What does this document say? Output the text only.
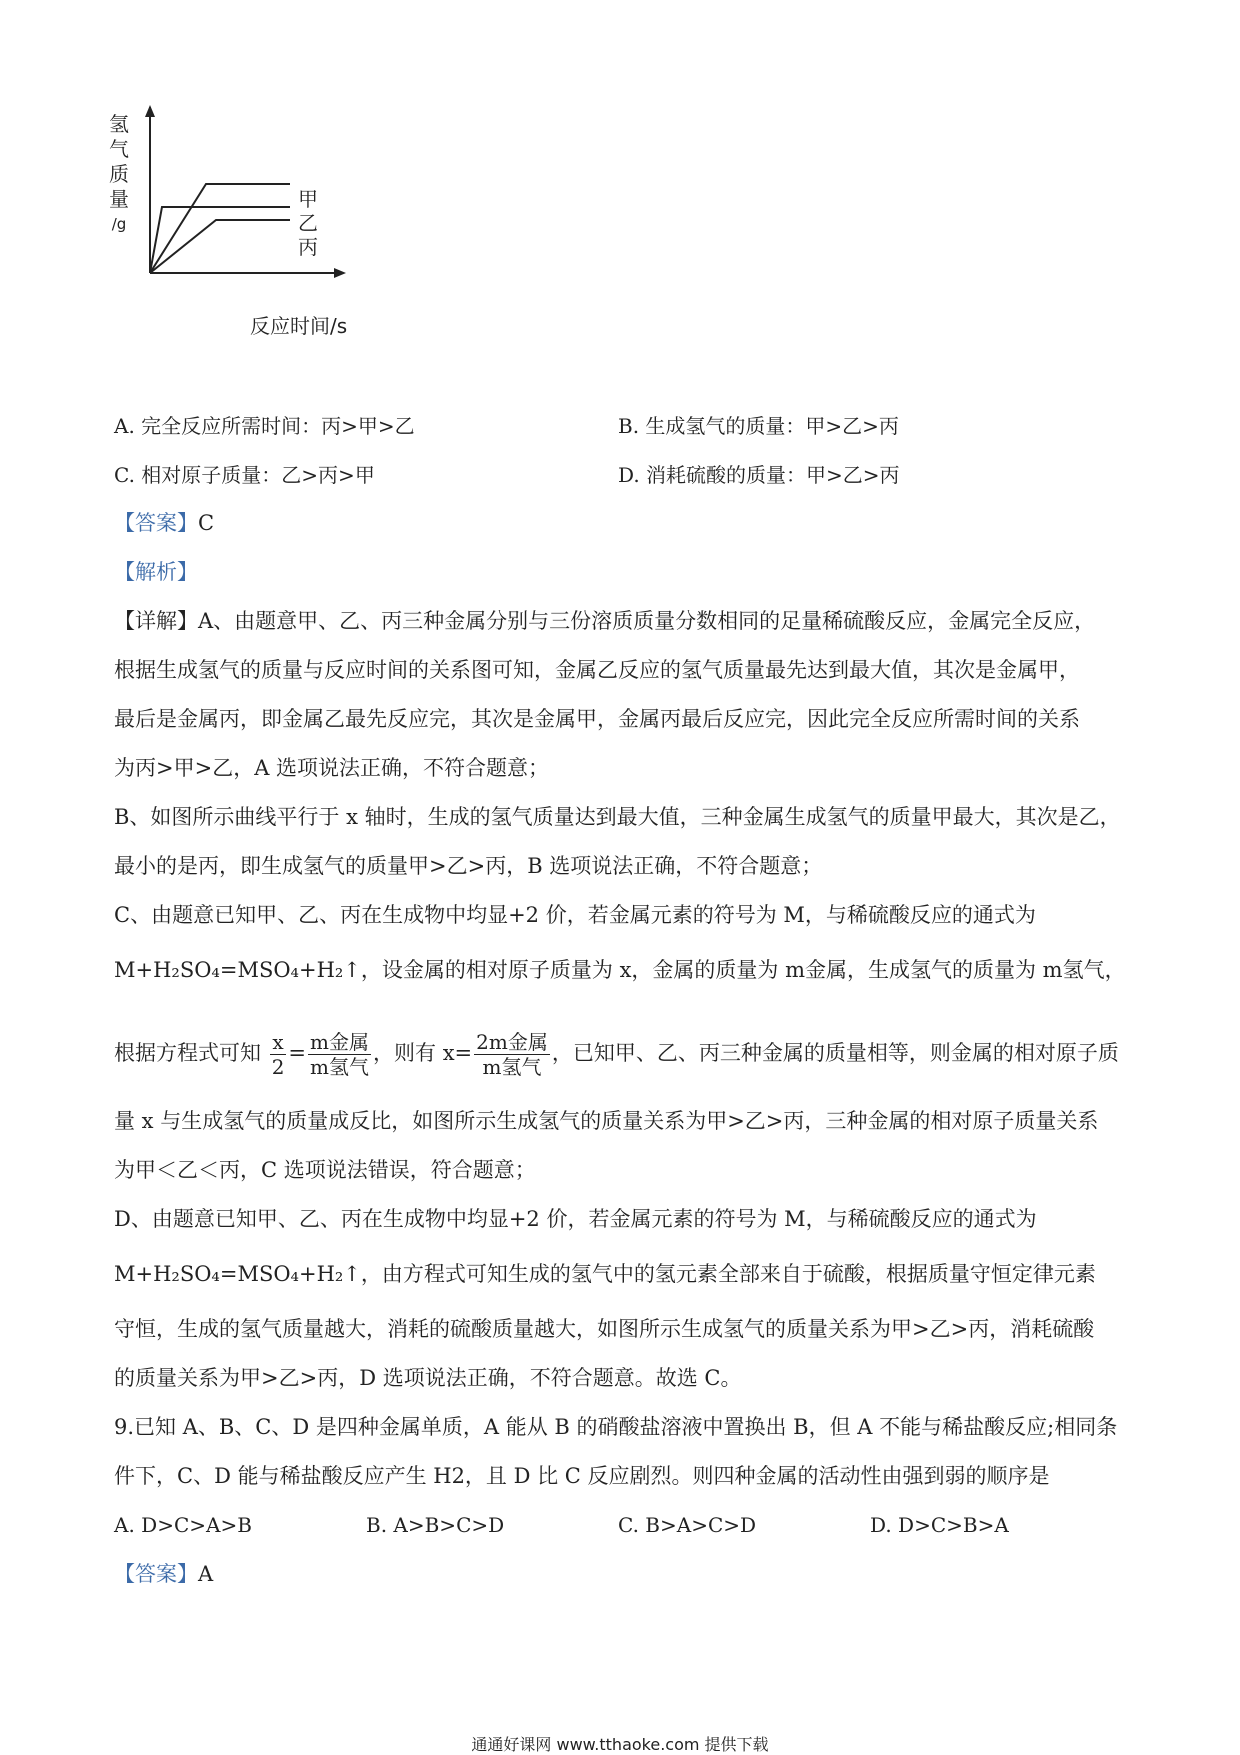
氢
气
质
量
/g
甲
乙
丙
反应时间/s
A. 完全反应所需时间：丙>甲>乙	B. 生成氢气的质量：甲>乙>丙
C. 相对原子质量：乙>丙>甲	D. 消耗硫酸的质量：甲>乙>丙
【答案】C
【解析】
【详解】A、由题意甲、乙、丙三种金属分别与三份溶质质量分数相同的足量稀硫酸反应，金属完全反应，
根据生成氢气的质量与反应时间的关系图可知，金属乙反应的氢气质量最先达到最大值，其次是金属甲，
最后是金属丙，即金属乙最先反应完，其次是金属甲，金属丙最后反应完，因此完全反应所需时间的关系
为丙>甲>乙，A 选项说法正确，不符合题意；
B、如图所示曲线平行于 x 轴时，生成的氢气质量达到最大值，三种金属生成氢气的质量甲最大，其次是乙，
最小的是丙，即生成氢气的质量甲>乙>丙，B 选项说法正确，不符合题意；
C、由题意已知甲、乙、丙在生成物中均显+2 价，若金属元素的符号为 M，与稀硫酸反应的通式为
M+H₂SO₄=MSO₄+H₂↑，设金属的相对原子质量为 x，金属的质量为 m金属，生成氢气的质量为 m氢气，
根据方程式可知 $\frac{x}{2} = \frac{\text{m金属}}{\text{m氢气}}$ ，则有 $x= \frac{\text{2m金属}}{\text{m氢气}}$ ，已知甲、乙、丙三种金属的质量相等，则金属的相对原子质
量 x 与生成氢气的质量成反比，如图所示生成氢气的质量关系为甲>乙>丙，三种金属的相对原子质量关系
为甲＜乙＜丙，C 选项说法错误，符合题意；
D、由题意已知甲、乙、丙在生成物中均显+2 价，若金属元素的符号为 M，与稀硫酸反应的通式为
M+H₂SO₄=MSO₄+H₂↑，由方程式可知生成的氢气中的氢元素全部来自于硫酸，根据质量守恒定律元素
守恒，生成的氢气质量越大，消耗的硫酸质量越大，如图所示生成氢气的质量关系为甲>乙>丙，消耗硫酸
的质量关系为甲>乙>丙，D 选项说法正确，不符合题意。故选 C。
9.已知 A、B、C、D 是四种金属单质，A 能从 B 的硝酸盐溶液中置换出 B，但 A 不能与稀盐酸反应;相同条
件下，C、D 能与稀盐酸反应产生 H2，且 D 比 C 反应剧烈。则四种金属的活动性由强到弱的顺序是
A. D>C>A>B	B. A>B>C>D	C. B>A>C>D	D. D>C>B>A
【答案】A
通通好课网 www.tthaoke.com 提供下载
